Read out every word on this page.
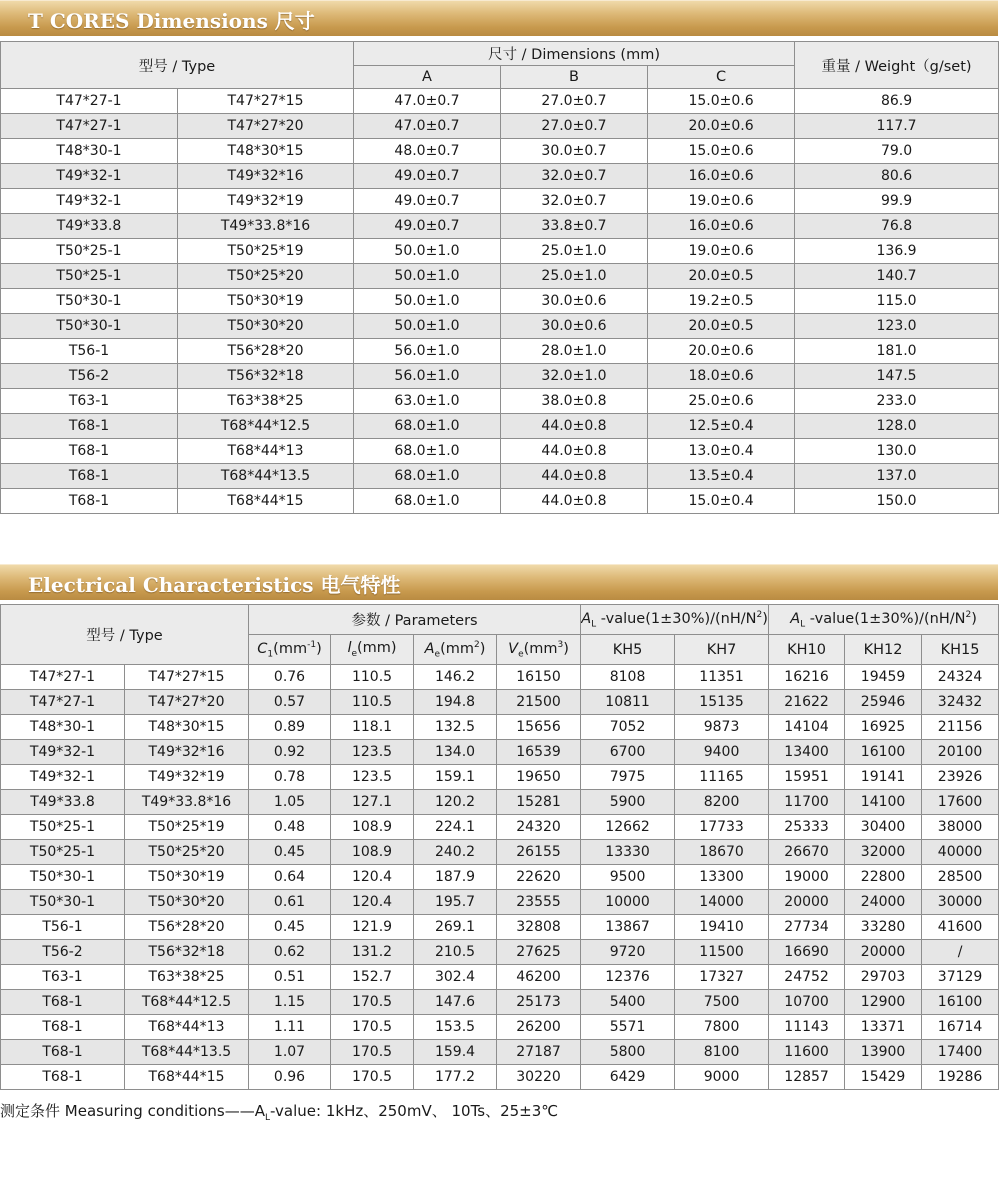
T CORES Dimensions 尺寸
型号 / Type		尺寸 / Dimensions (mm)			重量 / Weight（g/set)
		A	B	C	
T47*27-1	T47*27*15	47.0±0.7	27.0±0.7	15.0±0.6	86.9
T47*27-1	T47*27*20	47.0±0.7	27.0±0.7	20.0±0.6	117.7
T48*30-1	T48*30*15	48.0±0.7	30.0±0.7	15.0±0.6	79.0
T49*32-1	T49*32*16	49.0±0.7	32.0±0.7	16.0±0.6	80.6
T49*32-1	T49*32*19	49.0±0.7	32.0±0.7	19.0±0.6	99.9
T49*33.8	T49*33.8*16	49.0±0.7	33.8±0.7	16.0±0.6	76.8
T50*25-1	T50*25*19	50.0±1.0	25.0±1.0	19.0±0.6	136.9
T50*25-1	T50*25*20	50.0±1.0	25.0±1.0	20.0±0.5	140.7
T50*30-1	T50*30*19	50.0±1.0	30.0±0.6	19.2±0.5	115.0
T50*30-1	T50*30*20	50.0±1.0	30.0±0.6	20.0±0.5	123.0
T56-1	T56*28*20	56.0±1.0	28.0±1.0	20.0±0.6	181.0
T56-2	T56*32*18	56.0±1.0	32.0±1.0	18.0±0.6	147.5
T63-1	T63*38*25	63.0±1.0	38.0±0.8	25.0±0.6	233.0
T68-1	T68*44*12.5	68.0±1.0	44.0±0.8	12.5±0.4	128.0
T68-1	T68*44*13	68.0±1.0	44.0±0.8	13.0±0.4	130.0
T68-1	T68*44*13.5	68.0±1.0	44.0±0.8	13.5±0.4	137.0
T68-1	T68*44*15	68.0±1.0	44.0±0.8	15.0±0.4	150.0
Electrical Characteristics 电气特性
型号 / Type		参数 / Parameters				$A_L$ $-value(1\pm 30\%)/(nH/N^2)$		$A_L$ $-value(1\pm 30\%)/(nH/N^2)$		
		$C_1(mm^{-1})$	$l_e(mm)$	$A_e(mm^2)$	$V_e(mm^3)$	KH5	KH7	KH10	KH12	KH15
T47*27-1	T47*27*15	0.76	110.5	146.2	16150	8108	11351	16216	19459	24324
T47*27-1	T47*27*20	0.57	110.5	194.8	21500	10811	15135	21622	25946	32432
T48*30-1	T48*30*15	0.89	118.1	132.5	15656	7052	9873	14104	16925	21156
T49*32-1	T49*32*16	0.92	123.5	134.0	16539	6700	9400	13400	16100	20100
T49*32-1	T49*32*19	0.78	123.5	159.1	19650	7975	11165	15951	19141	23926
T49*33.8	T49*33.8*16	1.05	127.1	120.2	15281	5900	8200	11700	14100	17600
T50*25-1	T50*25*19	0.48	108.9	224.1	24320	12662	17733	25333	30400	38000
T50*25-1	T50*25*20	0.45	108.9	240.2	26155	13330	18670	26670	32000	40000
T50*30-1	T50*30*19	0.64	120.4	187.9	22620	9500	13300	19000	22800	28500
T50*30-1	T50*30*20	0.61	120.4	195.7	23555	10000	14000	20000	24000	30000
T56-1	T56*28*20	0.45	121.9	269.1	32808	13867	19410	27734	33280	41600
T56-2	T56*32*18	0.62	131.2	210.5	27625	9720	11500	16690	20000	/
T63-1	T63*38*25	0.51	152.7	302.4	46200	12376	17327	24752	29703	37129
T68-1	T68*44*12.5	1.15	170.5	147.6	25173	5400	7500	10700	12900	16100
T68-1	T68*44*13	1.11	170.5	153.5	26200	5571	7800	11143	13371	16714
T68-1	T68*44*13.5	1.07	170.5	159.4	27187	5800	8100	11600	13900	17400
T68-1	T68*44*15	0.96	170.5	177.2	30220	6429	9000	12857	15429	19286
测定条件 Measuring $conditions——A_L$-value: 1kHz、250mV、 10Ts、25±3℃
